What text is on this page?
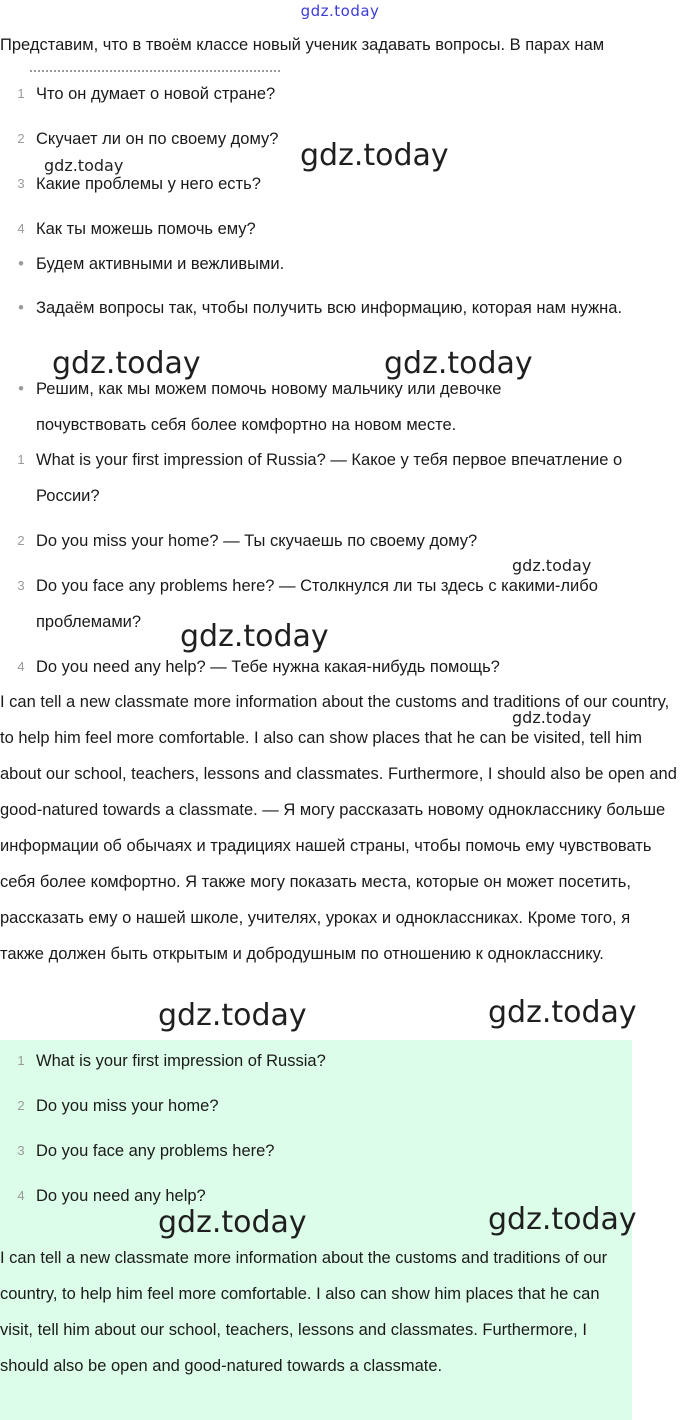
gdz.today
Представим, что в твоём классе новый ученик задавать вопросы. В парах нам
1 Что он думает о новой стране?
2 Скучает ли он по своему дому?
3 Какие проблемы у него есть?
4 Как ты можешь помочь ему?
• Будем активными и вежливыми.
• Задаём вопросы так, чтобы получить всю информацию, которая нам нужна.
• Решим, как мы можем помочь новому мальчику или девочке почувствовать себя более комфортно на новом месте.
1 What is your first impression of Russia? — Какое у тебя первое впечатление о России?
2 Do you miss your home? — Ты скучаешь по своему дому?
3 Do you face any problems here? — Столкнулся ли ты здесь с какими-либо проблемами?
4 Do you need any help? — Тебе нужна какая-нибудь помощь?
I can tell a new classmate more information about the customs and traditions of our country, to help him feel more comfortable. I also can show places that he can be visited, tell him about our school, teachers, lessons and classmates. Furthermore, I should also be open and good-natured towards a classmate. — Я могу рассказать новому однокласснику больше информации об обычаях и традициях нашей страны, чтобы помочь ему чувствовать себя более комфортно. Я также могу показать места, которые он может посетить, рассказать ему о нашей школе, учителях, уроках и одноклассниках. Кроме того, я также должен быть открытым и добродушным по отношению к однокласснику.
1 What is your first impression of Russia?
2 Do you miss your home?
3 Do you face any problems here?
4 Do you need any help?
I can tell a new classmate more information about the customs and traditions of our country, to help him feel more comfortable. I also can show him places that he can visit, tell him about our school, teachers, lessons and classmates. Furthermore, I should also be open and good-natured towards a classmate.
gdz.today
gdz.today
gdz.today	gdz.today
gdz.today
gdz.today
gdz.today
gdz.today	gdz.today
gdz.today	gdz.today
